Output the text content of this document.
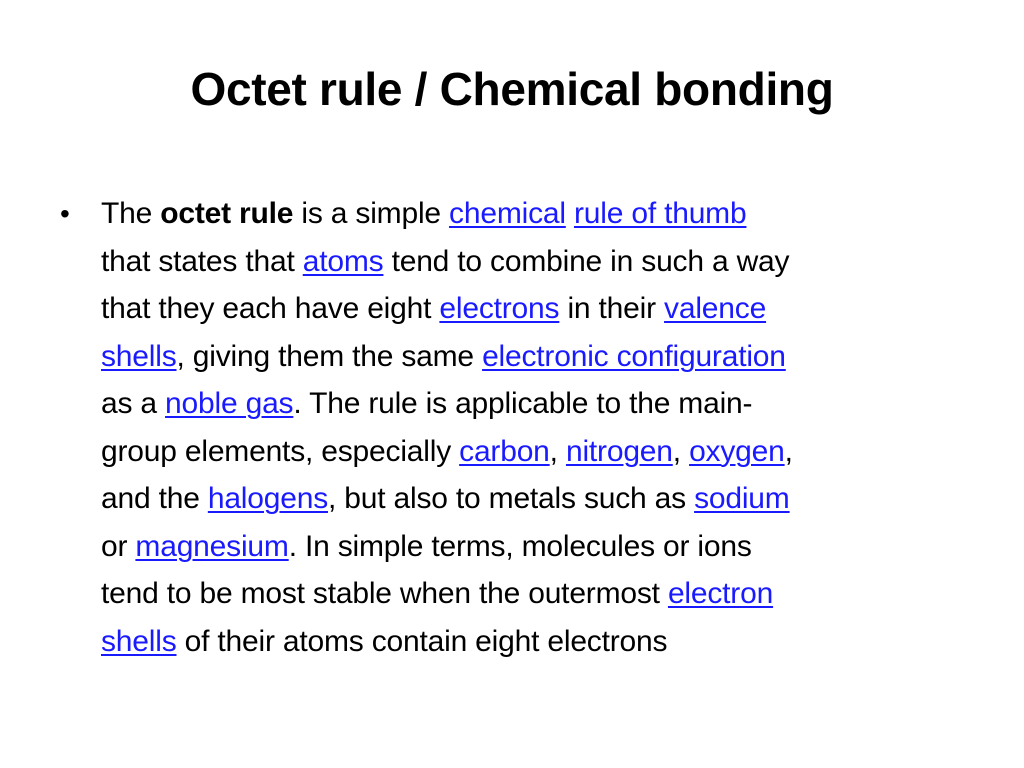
Octet rule / Chemical bonding
• The octet rule is a simple chemical rule of thumb
that states that atoms tend to combine in such a way
that they each have eight electrons in their valence
shells, giving them the same electronic configuration
as a noble gas. The rule is applicable to the main-
group elements, especially carbon, nitrogen, oxygen,
and the halogens, but also to metals such as sodium
or magnesium. In simple terms, molecules or ions
tend to be most stable when the outermost electron
shells of their atoms contain eight electrons
